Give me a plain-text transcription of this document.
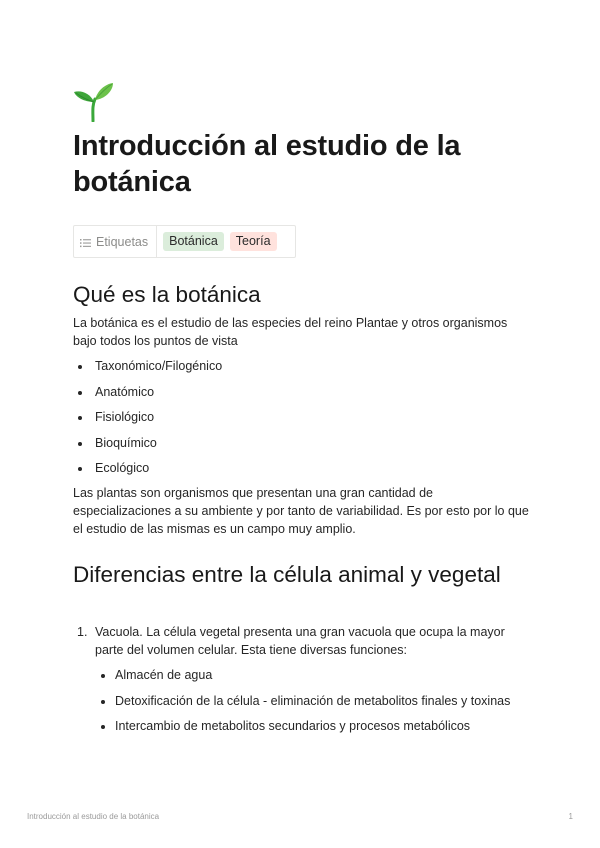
Introducción al estudio de la botánica
Etiquetas	Botánica	Teoría
Qué es la botánica

La botánica es el estudio de las especies del reino Plantae y otros organismos bajo todos los puntos de vista

Taxonómico/Filogénico
Anatómico
Fisiológico
Bioquímico
Ecológico

Las plantas son organismos que presentan una gran cantidad de especializaciones a su ambiente y por tanto de variabilidad. Es por esto por lo que el estudio de las mismas es un campo muy amplio.

Diferencias entre la célula animal y vegetal
1. Vacuola. La célula vegetal presenta una gran vacuola que ocupa la mayor parte del volumen celular. Esta tiene diversas funciones:
Almacén de agua
Detoxificación de la célula - eliminación de metabolitos finales y toxinas
Intercambio de metabolitos secundarios y procesos metabólicos
Introducción al estudio de la botánica	1
